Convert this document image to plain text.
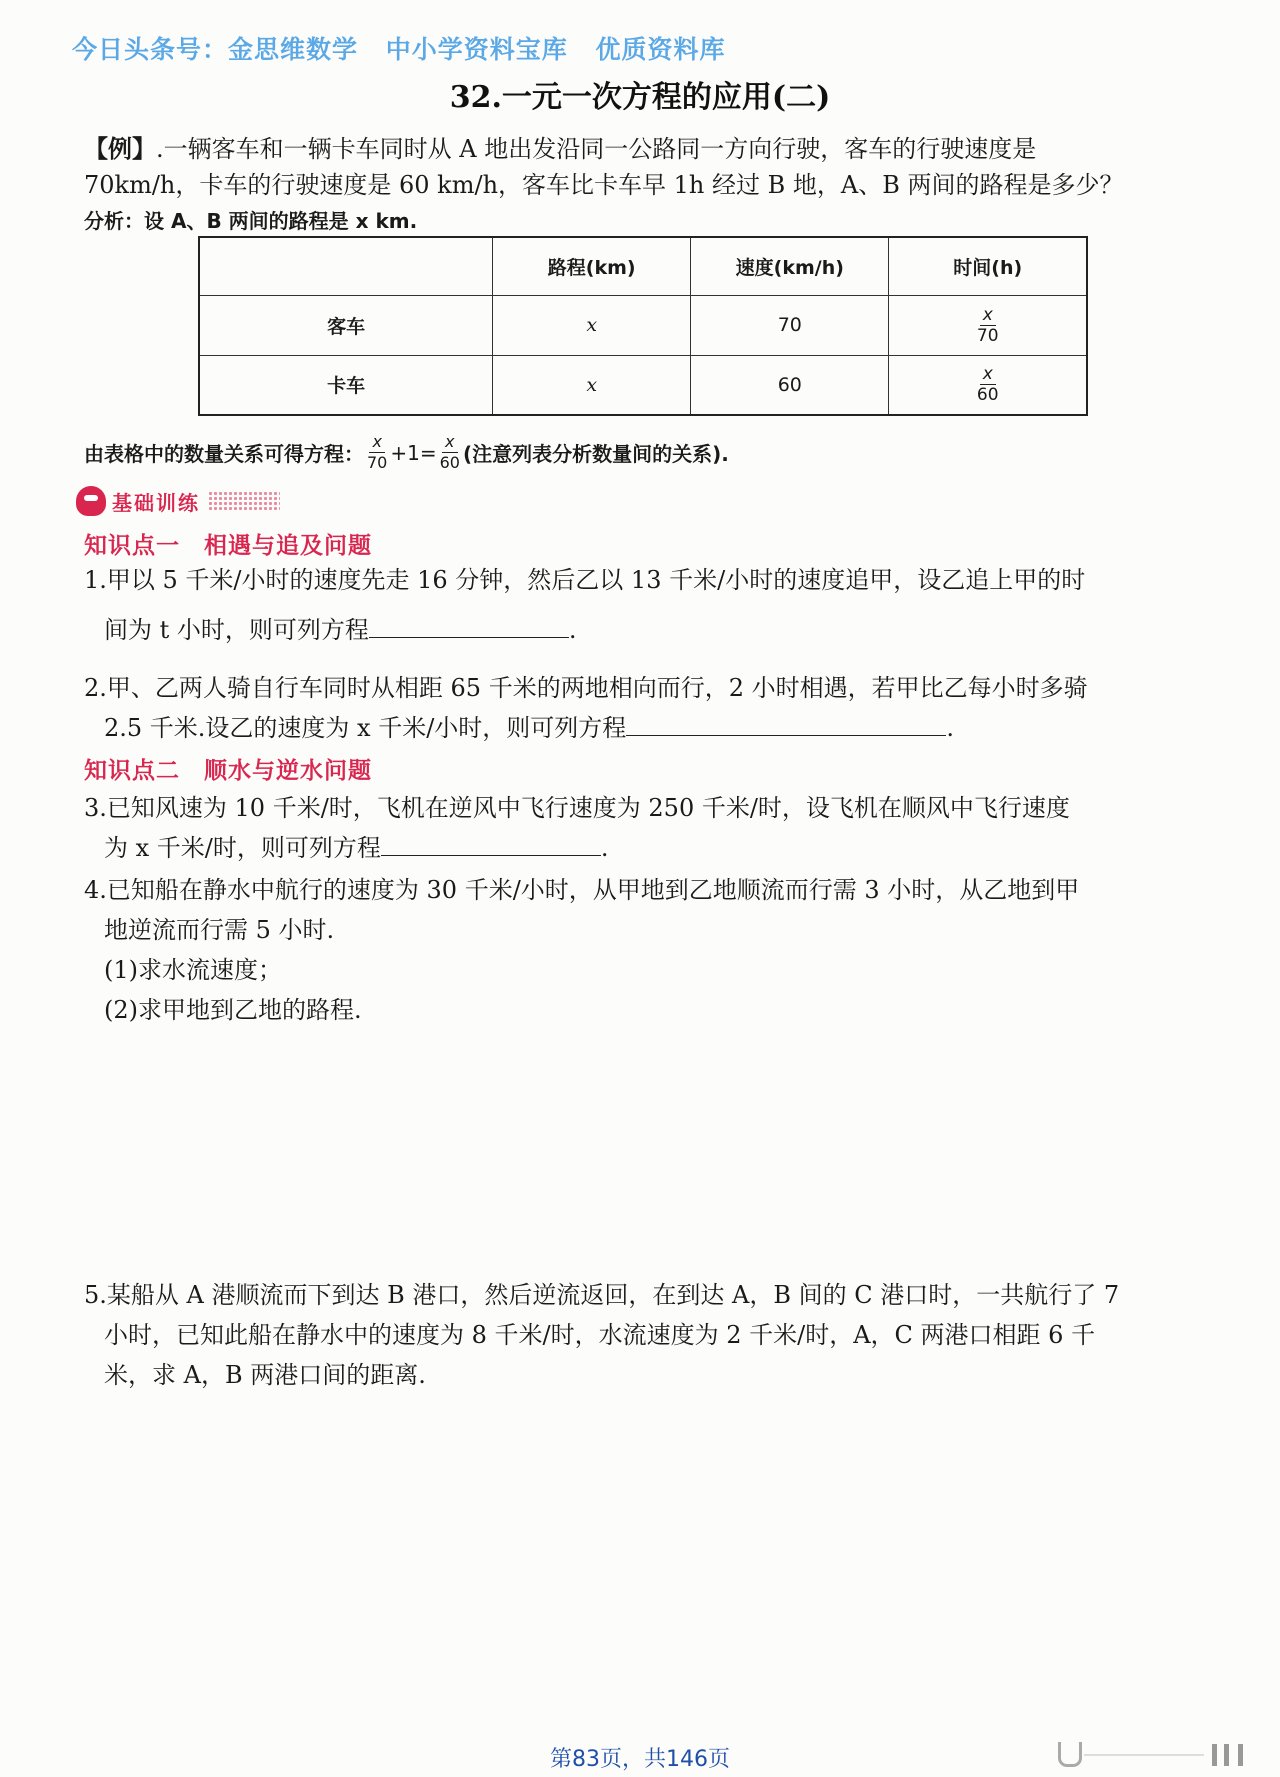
今日头条号：金思维数学 中小学资料宝库 优质资料库
32.一元一次方程的应用(二)
【例】.一辆客车和一辆卡车同时从 A 地出发沿同一公路同一方向行驶，客车的行驶速度是
70km/h，卡车的行驶速度是 60 km/h，客车比卡车早 1h 经过 B 地，A、B 两间的路程是多少？
分析：设 A、B 两间的路程是 x km.
	路程(km)	速度(km/h)	时间(h)
客车	x	70	$\frac{x}{70}$

卡车	x	60	$\frac{x}{60}$
由表格中的数量关系可得方程： $\frac{x}{70} +1= \frac{x}{60}$ (注意列表分析数量间的关系).
基础训练
知识点一 相遇与追及问题
1.甲以 5 千米/小时的速度先走 16 分钟，然后乙以 13 千米/小时的速度追甲，设乙追上甲的时
间为 t 小时，则可列方程	.
2.甲、乙两人骑自行车同时从相距 65 千米的两地相向而行，2 小时相遇，若甲比乙每小时多骑
2.5 千米.设乙的速度为 x 千米/小时，则可列方程	.
知识点二 顺水与逆水问题
3.已知风速为 10 千米/时，飞机在逆风中飞行速度为 250 千米/时，设飞机在顺风中飞行速度
为 x 千米/时，则可列方程	.
4.已知船在静水中航行的速度为 30 千米/小时，从甲地到乙地顺流而行需 3 小时，从乙地到甲
地逆流而行需 5 小时.
(1)求水流速度；
(2)求甲地到乙地的路程.
5.某船从 A 港顺流而下到达 B 港口，然后逆流返回，在到达 A，B 间的 C 港口时，一共航行了 7
小时，已知此船在静水中的速度为 8 千米/时，水流速度为 2 千米/时，A，C 两港口相距 6 千
米，求 A，B 两港口间的距离.
第83页，共146页
